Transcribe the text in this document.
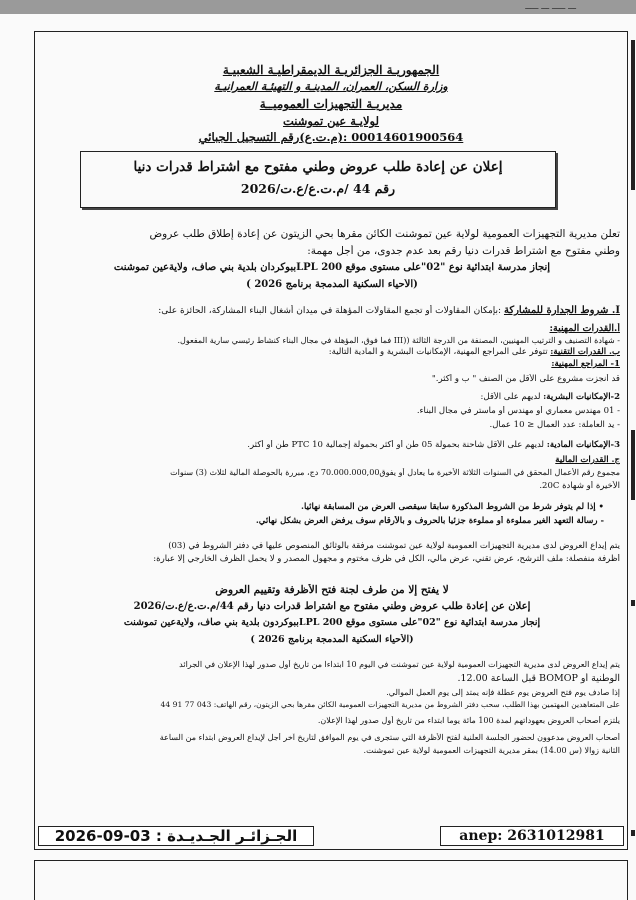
ـــ ـــــ ـــ ـــــ
الجمهوريـة الجزائريـة الديمقراطيـة الشعبيـة
وزارة السكن، العمران، المدينـة و التهيئـة العمرانيـة
مديريـة التجهيزات العموميــة
لولايـة عين تموشنت
00014601900564 :(م.ت.ع)رقم التسجيل الجبائي
إعلان عن إعادة طلب عروض وطني مفتوح مع اشتراط قدرات دنيا
رقم 44 /م.ت.ع/ع.ت/2026
تعلن مديرية التجهيزات العمومية لولاية عين تموشنت الكائن مقرها بحي الزيتون عن إعادة إطلاق طلب عروض
وطني مفتوح مع اشتراط قدرات دنيا رقم بعد عدم جدوى، من أجل مهمة:
إنجاز مدرسة ابتدائية نوع "02"على مستوى موقع LPL 200ببوكردان بلدية بني صاف، ولايةعين تموشنت
(الأحياء السكنية المدمجة برنامج 2026 )
I. شروط الجدارة للمشاركة :بإمكان المقاولات أو تجمع المقاولات المؤهلة في ميدان أشغال البناء المشاركة، الحائزة على:
أ.القدرات المهنية:
- شهادة التصنيف و الترتيب المهنيين، المصنفة من الدرجة الثالثة ((III فما فوق، المؤهلة في مجال البناء كنشاط رئيسي سارية المفعول.
ب. القدرات التقنية: تتوفر على المراجع المهنية، الإمكانيات البشرية و المادية التالية:
1- المراجع المهنية:
قد أنجزت مشروع على الأقل من الصنف " ب و أكثر."
2-الإمكانيات البشرية: لديهم على الأقل:
- 01 مهندس معماري أو مهندس أو ماستر في مجال البناء.
- يد العاملة: عدد العمال ≤ 10 عمال.
3-الإمكانيات المادية: لديهم على الأقل شاحنة بحمولة 05 طن أو أكثر بحمولة إجمالية PTC 10 طن أو أكثر.
ج. القدرات المالية
مجموع رقم الأعمال المحقق في السنوات الثلاثة الأخيرة ما يعادل أو يفوق70.000.000,00 دج، مبررة بالحوصلة المالية لثلاث (3) سنوات
الأخيرة أو شهادة 20C.
• إذا لم يتوفر شرط من الشروط المذكورة سابقا سيقصى العرض من المسابقة نهائيا.
- رسالة التعهد الغير مملوءة أو مملوءة جزئيا بالحروف و بالأرقام سوف يرفض العرض بشكل نهائي.
يتم إيداع العروض لدى مديرية التجهيزات العمومية لولاية عين تموشنت مرفقة بالوثائق المنصوص عليها في دفتر الشروط في (03)
أظرفة منفصلة: ملف الترشح، عرض تقني، عرض مالي، الكل في ظرف مختوم و مجهول المصدر و لا يحمل الظرف الخارجي إلا عبارة:
لا يفتح إلا من طرف لجنة فتح الأظرفة وتقييم العروض
إعلان عن إعادة طلب عروض وطني مفتوح مع اشتراط قدرات دنيا رقم 44/م.ت.ع/ع.ت/2026
إنجاز مدرسة ابتدائية نوع "02"على مستوى موقع LPL 200ببوكردون بلدية بني صاف، ولايةعين تموشنت
(الأحياء السكنية المدمجة برنامج 2026 )
يتم إيداع العروض لدى مديرية التجهيزات العمومية لولاية عين تموشنت في اليوم 10 ابتداءا من تاريخ أول صدور لهذا الإعلان في الجرائد
الوطنية أو BOMOP قبل الساعة 12.00.
إذا صادف يوم فتح العروض يوم عطلة فإنه يمتد إلى يوم العمل الموالي.
على المتعاهدين المهتمين بهذا الطلب، سحب دفتر الشروط من مديرية التجهيزات العمومية الكائن مقرها بحي الزيتون، رقم الهاتف: 043 77 91 44
يلتزم أصحاب العروض بعهوداتهم لمدة 100 مائة يوما ابتداء من تاريخ أول صدور لهذا الإعلان.
أصحاب العروض مدعوون لحضور الجلسة العلنية لفتح الأظرفة التي ستجرى في يوم الموافق لتاريخ آخر أجل لإيداع العروض ابتداء من الساعة
الثانية زوالا (س 14.00) بمقر مديرية التجهيزات العمومية لولاية عين تموشنت.
الجـزائـر الجـديـدة : 03-09-2026	anep: 2631012981
